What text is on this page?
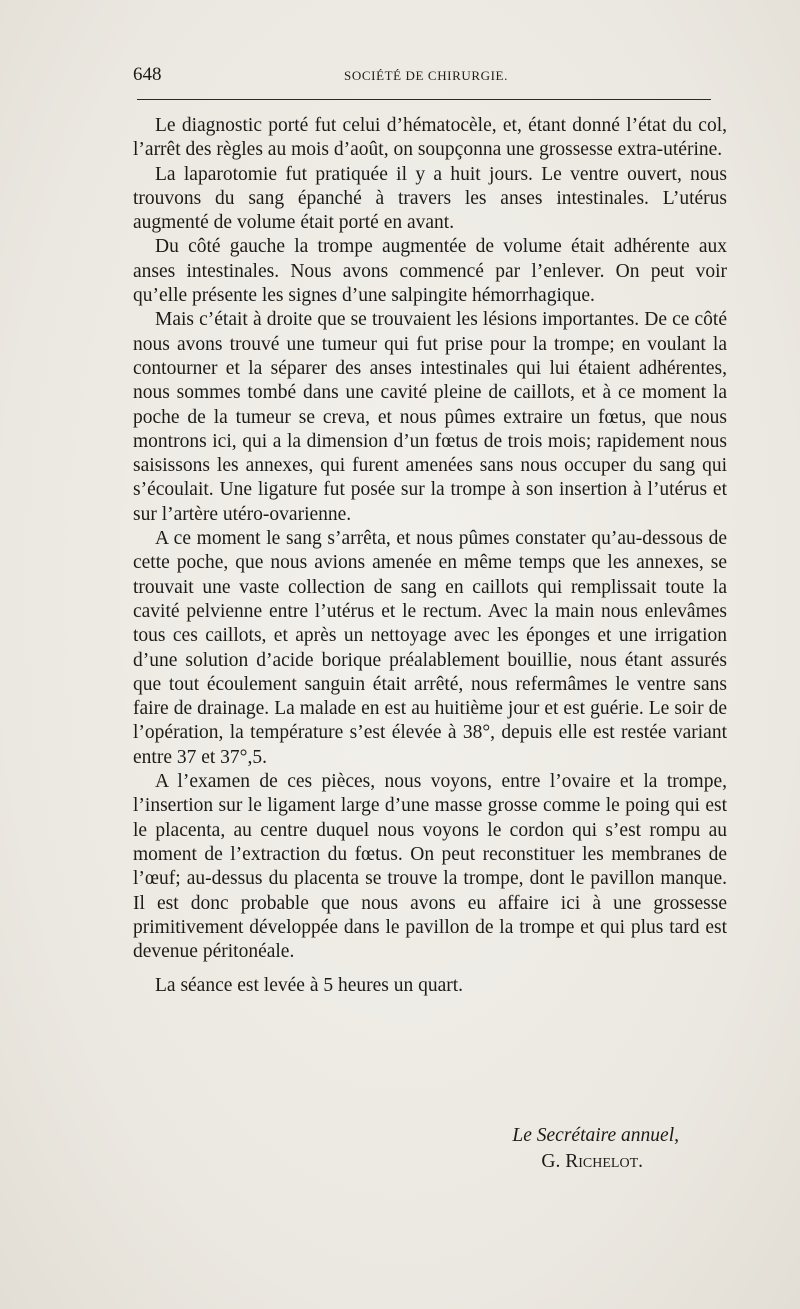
648	SOCIÉTÉ DE CHIRURGIE.

Le diagnostic porté fut celui d’hématocèle, et, étant donné l’état du col, l’arrêt des règles au mois d’août, on soupçonna une grossesse extra-utérine.

La laparotomie fut pratiquée il y a huit jours. Le ventre ouvert, nous trouvons du sang épanché à travers les anses intestinales. L’utérus augmenté de volume était porté en avant.

Du côté gauche la trompe augmentée de volume était adhérente aux anses intestinales. Nous avons commencé par l’enlever. On peut voir qu’elle présente les signes d’une salpingite hémorrhagique.

Mais c’était à droite que se trouvaient les lésions importantes. De ce côté nous avons trouvé une tumeur qui fut prise pour la trompe; en voulant la contourner et la séparer des anses intestinales qui lui étaient adhérentes, nous sommes tombé dans une cavité pleine de caillots, et à ce moment la poche de la tumeur se creva, et nous pûmes extraire un fœtus, que nous montrons ici, qui a la dimension d’un fœtus de trois mois; rapidement nous saisissons les annexes, qui furent amenées sans nous occuper du sang qui s’écoulait. Une ligature fut posée sur la trompe à son insertion à l’utérus et sur l’artère utéro-ovarienne.

A ce moment le sang s’arrêta, et nous pûmes constater qu’au-dessous de cette poche, que nous avions amenée en même temps que les annexes, se trouvait une vaste collection de sang en caillots qui remplissait toute la cavité pelvienne entre l’utérus et le rectum. Avec la main nous enlevâmes tous ces caillots, et après un nettoyage avec les éponges et une irrigation d’une solution d’acide borique préalablement bouillie, nous étant assurés que tout écoulement sanguin était arrêté, nous refermâmes le ventre sans faire de drainage. La malade en est au huitième jour et est guérie. Le soir de l’opération, la température s’est élevée à 38°, depuis elle est restée variant entre 37 et 37°,5.

A l’examen de ces pièces, nous voyons, entre l’ovaire et la trompe, l’insertion sur le ligament large d’une masse grosse comme le poing qui est le placenta, au centre duquel nous voyons le cordon qui s’est rompu au moment de l’extraction du fœtus. On peut reconstituer les membranes de l’œuf; au-dessus du placenta se trouve la trompe, dont le pavillon manque. Il est donc probable que nous avons eu affaire ici à une grossesse primitivement développée dans le pavillon de la trompe et qui plus tard est devenue péritonéale.

La séance est levée à 5 heures un quart.

Le Secrétaire annuel,
G. Richelot.
